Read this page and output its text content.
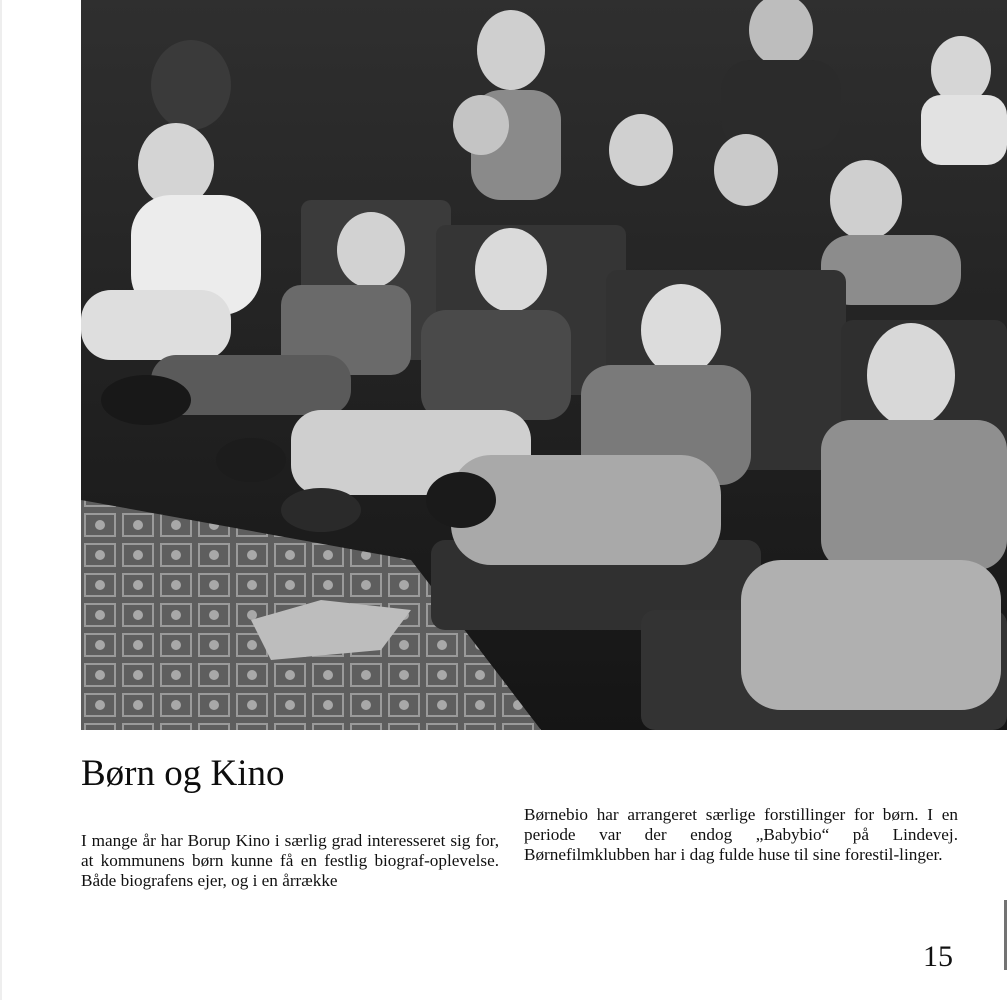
Børn og Kino

I mange år har Borup Kino i særlig grad interesseret sig for, at kommunens børn kunne få en festlig biograf-oplevelse. Både biografens ejer, og i en årrække

Børnebio har arrangeret særlige forstillinger for børn. I en periode var der endog „Babybio“ på Lindevej. Børnefilmklubben har i dag fulde huse til sine forestil-linger.

15
